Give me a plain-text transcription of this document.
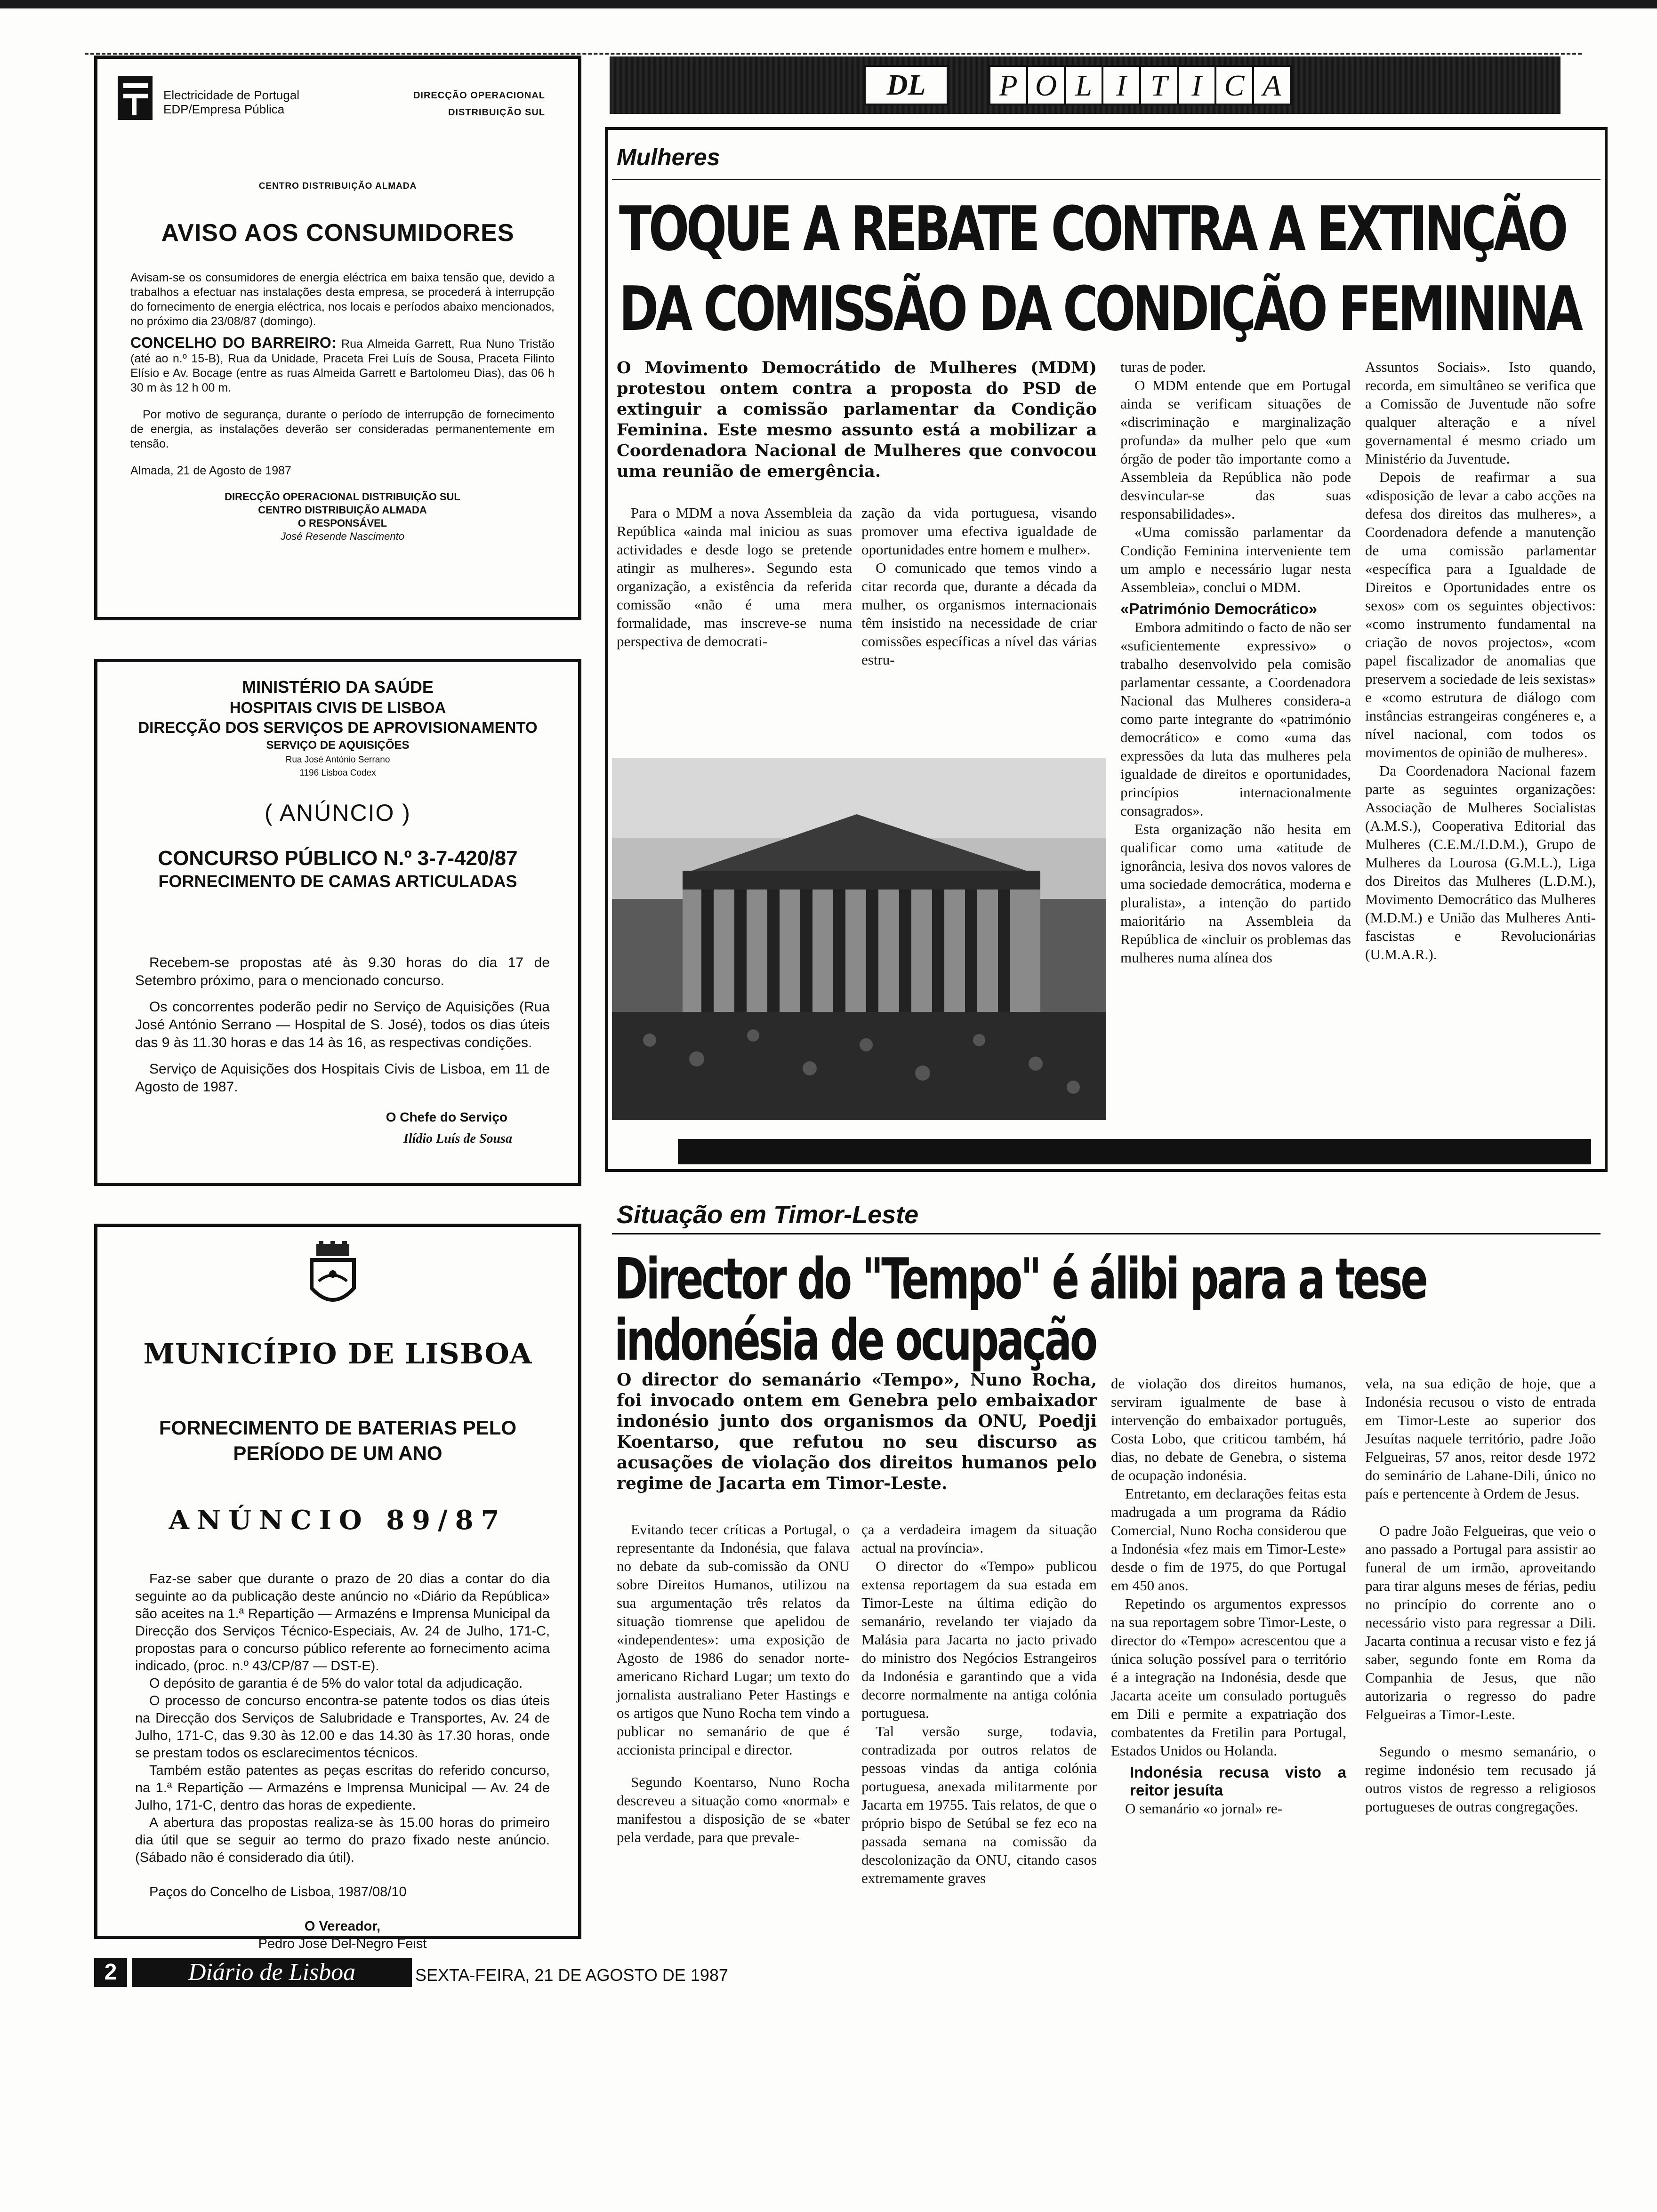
Electricidade de Portugal
EDP/Empresa Pública
DIRECÇÃO OPERACIONAL
DISTRIBUIÇÃO SUL
CENTRO DISTRIBUIÇÃO ALMADA
AVISO AOS CONSUMIDORES

Avisam-se os consumidores de energia eléctrica em baixa tensão que, devido a trabalhos a efectuar nas instalações desta empresa, se procederá à interrupção do fornecimento de energia eléctrica, nos locais e períodos abaixo mencionados, no próximo dia 23/08/87 (domingo).

CONCELHO DO BARREIRO: Rua Almeida Garrett, Rua Nuno Tristão (até ao n.º 15-B), Rua da Unidade, Praceta Frei Luís de Sousa, Praceta Filinto Elísio e Av. Bocage (entre as ruas Almeida Garrett e Bartolomeu Dias), das 06 h 30 m às 12 h 00 m.

Por motivo de segurança, durante o período de interrupção de fornecimento de energia, as instalações deverão ser consideradas permanentemente em tensão.

Almada, 21 de Agosto de 1987

DIRECÇÃO OPERACIONAL DISTRIBUIÇÃO SUL
CENTRO DISTRIBUIÇÃO ALMADA
O RESPONSÁVEL
José Resende Nascimento
MINISTÉRIO DA SAÚDE
HOSPITAIS CIVIS DE LISBOA
DIRECÇÃO DOS SERVIÇOS DE APROVISIONAMENTO
SERVIÇO DE AQUISIÇÕES
Rua José António Serrano
1196 Lisboa Codex
( ANÚNCIO )
CONCURSO PÚBLICO N.º 3-7-420/87
FORNECIMENTO DE CAMAS ARTICULADAS

Recebem-se propostas até às 9.30 horas do dia 17 de Setembro próximo, para o mencionado concurso.

Os concorrentes poderão pedir no Serviço de Aquisições (Rua José António Serrano — Hospital de S. José), todos os dias úteis das 9 às 11.30 horas e das 14 às 16, as respectivas condições.

Serviço de Aquisições dos Hospitais Civis de Lisboa, em 11 de Agosto de 1987.

O Chefe do Serviço
Ilídio Luís de Sousa
MUNICÍPIO DE LISBOA
FORNECIMENTO DE BATERIAS PELO
PERÍODO DE UM ANO
ANÚNCIO 89/87

Faz-se saber que durante o prazo de 20 dias a contar do dia seguinte ao da publicação deste anúncio no «Diário da República» são aceites na 1.ª Repartição — Armazéns e Imprensa Municipal da Direcção dos Serviços Técnico-Especiais, Av. 24 de Julho, 171-C, propostas para o concurso público referente ao fornecimento acima indicado, (proc. n.º 43/CP/87 — DST-E).

O depósito de garantia é de 5% do valor total da adjudicação.

O processo de concurso encontra-se patente todos os dias úteis na Direcção dos Serviços de Salubridade e Transportes, Av. 24 de Julho, 171-C, das 9.30 às 12.00 e das 14.30 às 17.30 horas, onde se prestam todos os esclarecimentos técnicos.

Também estão patentes as peças escritas do referido concurso, na 1.ª Repartição — Armazéns e Imprensa Municipal — Av. 24 de Julho, 171-C, dentro das horas de expediente.

A abertura das propostas realiza-se às 15.00 horas do primeiro dia útil que se seguir ao termo do prazo fixado neste anúncio. (Sábado não é considerado dia útil).

Paços do Concelho de Lisboa, 1987/08/10

O Vereador,
Pedro José Del-Negro Feist
DL	P O L I T I C A
Mulheres
TOQUE A REBATE CONTRA A EXTINÇÃO
DA COMISSÃO DA CONDIÇÃO FEMININA
O Movimento Democrátido de Mulheres (MDM) protestou ontem contra a proposta do PSD de extinguir a comissão parlamentar da Condição Feminina. Este mesmo assunto está a mobilizar a Coordenadora Nacional de Mulheres que convocou uma reunião de emergência.

Para o MDM a nova Assembleia da República «ainda mal iniciou as suas actividades e desde logo se pretende atingir as mulheres». Segundo esta organização, a existência da referida comissão «não é uma mera formalidade, mas inscreve-se numa perspectiva de democrati-

zação da vida portuguesa, visando promover uma efectiva igualdade de oportunidades entre homem e mulher».

O comunicado que temos vindo a citar recorda que, durante a década da mulher, os organismos internacionais têm insistido na necessidade de criar comissões específicas a nível das várias estru-

turas de poder.

O MDM entende que em Portugal ainda se verificam situações de «discriminação e marginalização profunda» da mulher pelo que «um órgão de poder tão importante como a Assembleia da República não pode desvincular-se das suas responsabilidades».

«Uma comissão parlamentar da Condição Feminina interveniente tem um amplo e necessário lugar nesta Assembleia», conclui o MDM.

«Património Democrático»

Embora admitindo o facto de não ser «suficientemente expressivo» o trabalho desenvolvido pela comisão parlamentar cessante, a Coordenadora Nacional das Mulheres considera-a como parte integrante do «património democrático» e como «uma das expressões da luta das mulheres pela igualdade de direitos e oportunidades, princípios internacionalmente consagrados».

Esta organização não hesita em qualificar como uma «atitude de ignorância, lesiva dos novos valores de uma sociedade democrática, moderna e pluralista», a intenção do partido maioritário na Assembleia da República de «incluir os problemas das mulheres numa alínea dos

Assuntos Sociais». Isto quando, recorda, em simultâneo se verifica que a Comissão de Juventude não sofre qualquer alteração e a nível governamental é mesmo criado um Ministério da Juventude.

Depois de reafirmar a sua «disposição de levar a cabo acções na defesa dos direitos das mulheres», a Coordenadora defende a manutenção de uma comissão parlamentar «específica para a Igualdade de Direitos e Oportunidades entre os sexos» com os seguintes objectivos: «como instrumento fundamental na criação de novos projectos», «com papel fiscalizador de anomalias que preservem a sociedade de leis sexistas» e «como estrutura de diálogo com instâncias estrangeiras congéneres e, a nível nacional, com todos os movimentos de opinião de mulheres».

Da Coordenadora Nacional fazem parte as seguintes organizações: Associação de Mulheres Socialistas (A.M.S.), Cooperativa Editorial das Mulheres (C.E.M./I.D.M.), Grupo de Mulheres da Lourosa (G.M.L.), Liga dos Direitos das Mulheres (L.D.M.), Movimento Democrático das Mulheres (M.D.M.) e União das Mulheres Anti-fascistas e Revolucionárias (U.M.A.R.).

Situação em Timor-Leste
Director do "Tempo" é álibi para a tese
indonésia de ocupação
O director do semanário «Tempo», Nuno Rocha, foi invocado ontem em Genebra pelo embaixador indonésio junto dos organismos da ONU, Poedji Koentarso, que refutou no seu discurso as acusações de violação dos direitos humanos pelo regime de Jacarta em Timor-Leste.

Evitando tecer críticas a Portugal, o representante da Indonésia, que falava no debate da sub-comissão da ONU sobre Direitos Humanos, utilizou na sua argumentação três relatos da situação tiomrense que apelidou de «independentes»: uma exposição de Agosto de 1986 do senador norte-americano Richard Lugar; um texto do jornalista australiano Peter Hastings e os artigos que Nuno Rocha tem vindo a publicar no semanário de que é accionista principal e director.

Segundo Koentarso, Nuno Rocha descreveu a situação como «normal» e manifestou a disposição de se «bater pela verdade, para que prevale-

ça a verdadeira imagem da situação actual na província».

O director do «Tempo» publicou extensa reportagem da sua estada em Timor-Leste na última edição do semanário, revelando ter viajado da Malásia para Jacarta no jacto privado do ministro dos Negócios Estrangeiros da Indonésia e garantindo que a vida decorre normalmente na antiga colónia portuguesa.

Tal versão surge, todavia, contradizada por outros relatos de pessoas vindas da antiga colónia portuguesa, anexada militarmente por Jacarta em 19755. Tais relatos, de que o próprio bispo de Setúbal se fez eco na passada semana na comissão da descolonização da ONU, citando casos extremamente graves

de violação dos direitos humanos, serviram igualmente de base à intervenção do embaixador português, Costa Lobo, que criticou também, há dias, no debate de Genebra, o sistema de ocupação indonésia.

Entretanto, em declarações feitas esta madrugada a um programa da Rádio Comercial, Nuno Rocha considerou que a Indonésia «fez mais em Timor-Leste» desde o fim de 1975, do que Portugal em 450 anos.

Repetindo os argumentos expressos na sua reportagem sobre Timor-Leste, o director do «Tempo» acrescentou que a única solução possível para o território é a integração na Indonésia, desde que Jacarta aceite um consulado português em Dili e permite a expatriação dos combatentes da Fretilin para Portugal, Estados Unidos ou Holanda.

Indonésia recusa visto a reitor jesuíta

O semanário «o jornal» re-

vela, na sua edição de hoje, que a Indonésia recusou o visto de entrada em Timor-Leste ao superior dos Jesuítas naquele território, padre João Felgueiras, 57 anos, reitor desde 1972 do seminário de Lahane-Dili, único no país e pertencente à Ordem de Jesus.

O padre João Felgueiras, que veio o ano passado a Portugal para assistir ao funeral de um irmão, aproveitando para tirar alguns meses de férias, pediu no princípio do corrente ano o necessário visto para regressar a Dili. Jacarta continua a recusar visto e fez já saber, segundo fonte em Roma da Companhia de Jesus, que não autorizaria o regresso do padre Felgueiras a Timor-Leste.

Segundo o mesmo semanário, o regime indonésio tem recusado já outros vistos de regresso a religiosos portugueses de outras congregações.

2	Diário de Lisboa	SEXTA-FEIRA, 21 DE AGOSTO DE 1987
